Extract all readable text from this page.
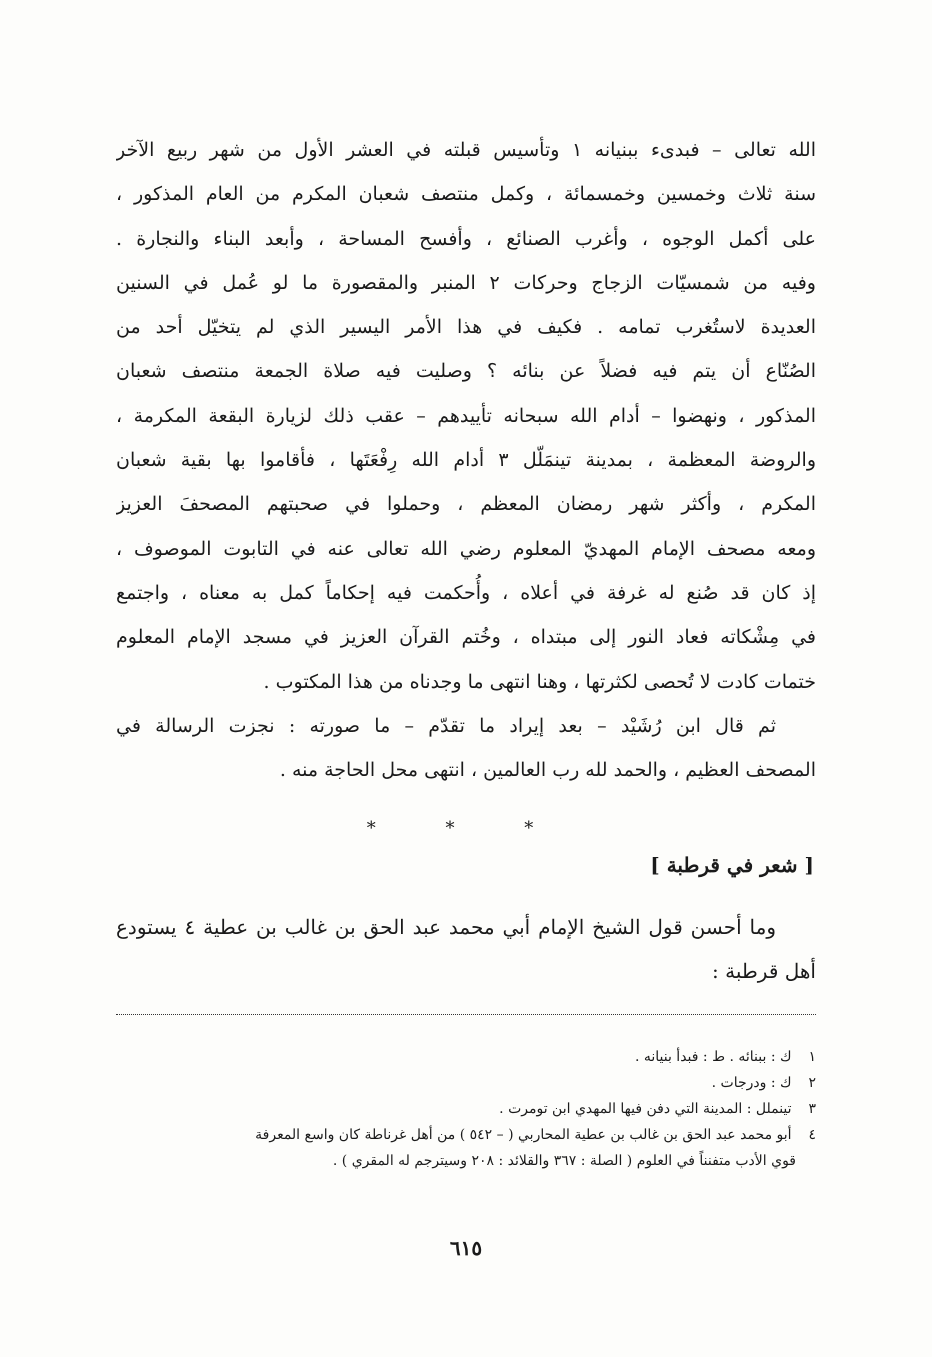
الله تعالى – فبدىء ببنيانه ١ وتأسيس قبلته في العشر الأول من شهر ربيع الآخر
سنة ثلاث وخمسين وخمسمائة ، وكمل منتصف شعبان المكرم من العام المذكور ،
على أكمل الوجوه ، وأغرب الصنائع ، وأفسح المساحة ، وأبعد البناء والنجارة .
وفيه من شمسيّات الزجاج وحركات ٢ المنبر والمقصورة ما لو عُمل في السنين
العديدة لاستُغرب تمامه . فكيف في هذا الأمر اليسير الذي لم يتخيّل أحد من
الصُنّاع أن يتم فيه فضلاً عن بنائه ؟ وصليت فيه صلاة الجمعة منتصف شعبان
المذكور ، ونهضوا – أدام الله سبحانه تأييدهم – عقب ذلك لزيارة البقعة المكرمة ،
والروضة المعظمة ، بمدينة تينمَلّل ٣ أدام الله رِفْعَتَها ، فأقاموا بها بقية شعبان
المكرم ، وأكثر شهر رمضان المعظم ، وحملوا في صحبتهم المصحفَ العزيز
ومعه مصحف الإمام المهديّ المعلوم رضي الله تعالى عنه في التابوت الموصوف ،
إذ كان قد صُنع له غرفة في أعلاه ، وأُحكمت فيه إحكاماً كمل به معناه ، واجتمع
في مِشْكاته فعاد النور إلى مبتداه ، وخُتم القرآن العزيز في مسجد الإمام المعلوم
ختمات كادت لا تُحصى لكثرتها ، وهنا انتهى ما وجدناه من هذا المكتوب .
ثم قال ابن رُشَيْد – بعد إيراد ما تقدّم – ما صورته : نجزت الرسالة في
المصحف العظيم ، والحمد لله رب العالمين ، انتهى محل الحاجة منه .
* * *
[ شعر في قرطبة ]
وما أحسن قول الشيخ الإمام أبي محمد عبد الحق بن غالب بن عطية ٤ يستودع
أهل قرطبة :
١ ك : ببنائه . ط : فبدأ بنيانه .
٢ ك : ودرجات .
٣ تينملل : المدينة التي دفن فيها المهدي ابن تومرت .
٤ أبو محمد عبد الحق بن غالب بن عطية المحاربي ( – ٥٤٢ ) من أهل غرناطة كان واسع المعرفة
قوي الأدب متفنناً في العلوم ( الصلة : ٣٦٧ والقلائد : ٢٠٨ وسيترجم له المقري ) .
٦١٥
